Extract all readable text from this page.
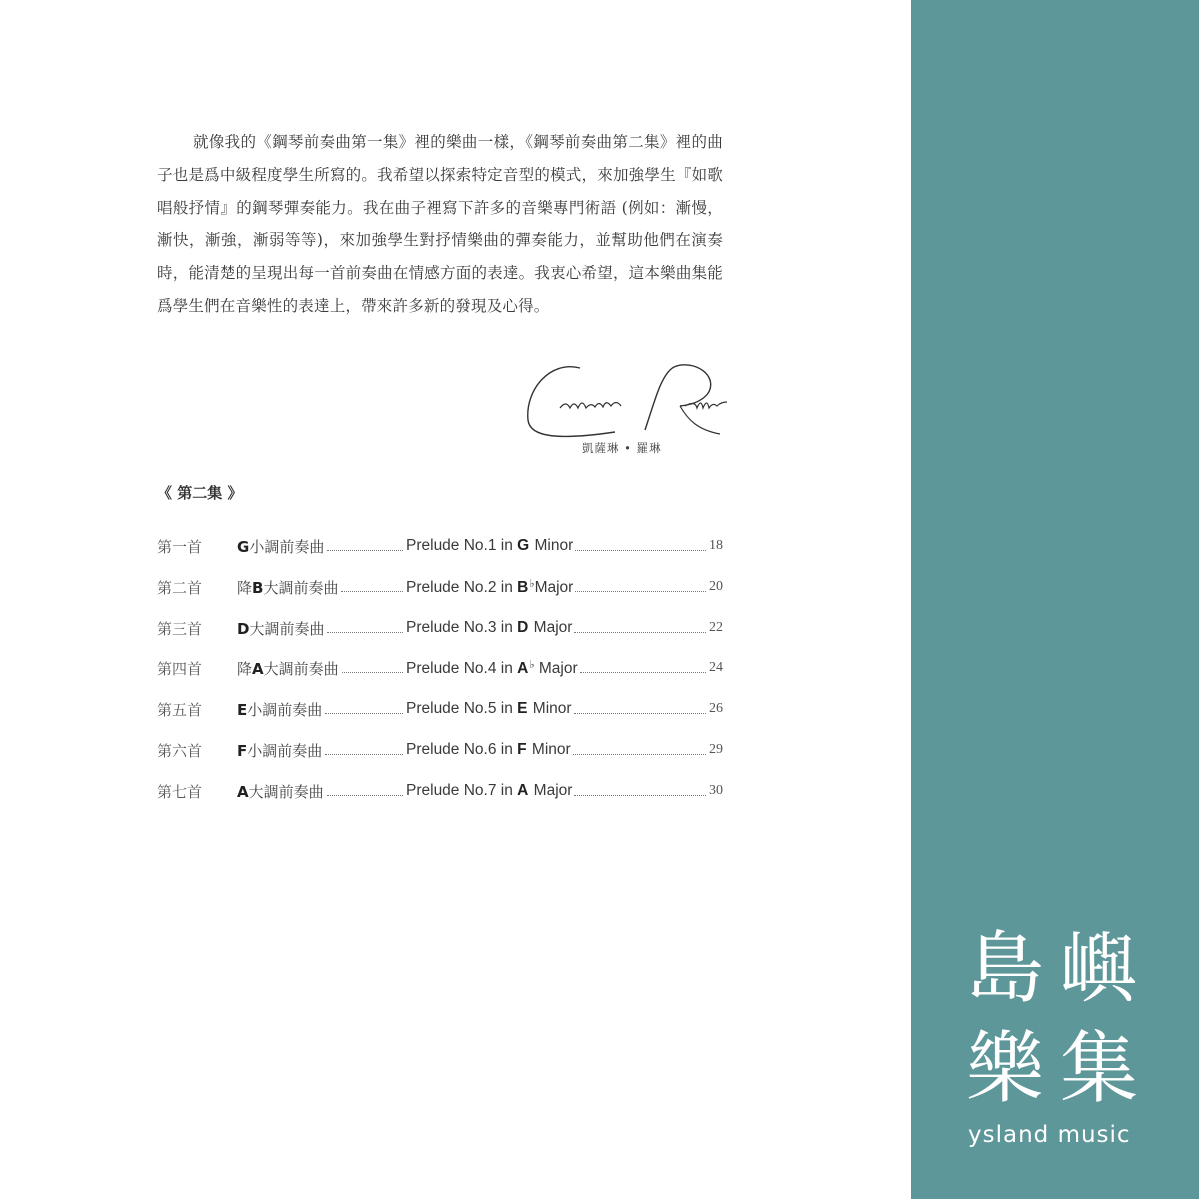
就像我的《鋼琴前奏曲第一集》裡的樂曲一樣，《鋼琴前奏曲第二集》裡的曲子也是爲中級程度學生所寫的。我希望以探索特定音型的模式，來加強學生『如歌唱般抒情』的鋼琴彈奏能力。我在曲子裡寫下許多的音樂專門術語 (例如：漸慢，漸快，漸強，漸弱等等)，來加強學生對抒情樂曲的彈奏能力，並幫助他們在演奏時，能清楚的呈現出每一首前奏曲在情感方面的表達。我衷心希望，這本樂曲集能爲學生們在音樂性的表達上，帶來許多新的發現及心得。

凱薩琳 • 羅琳
《 第二集 》
第一首 G小調前奏曲	Prelude No.1 in G Minor	18
第二首 降B大調前奏曲	Prelude No.2 in B♭Major	20
第三首 D大調前奏曲	Prelude No.3 in D Major	22
第四首 降A大調前奏曲	Prelude No.4 in A♭ Major	24
第五首 E小調前奏曲	Prelude No.5 in E Minor	26
第六首 F小調前奏曲	Prelude No.6 in F Minor	29
第七首 A大調前奏曲	Prelude No.7 in A Major	30
島 嶼
樂 集
ysland music
